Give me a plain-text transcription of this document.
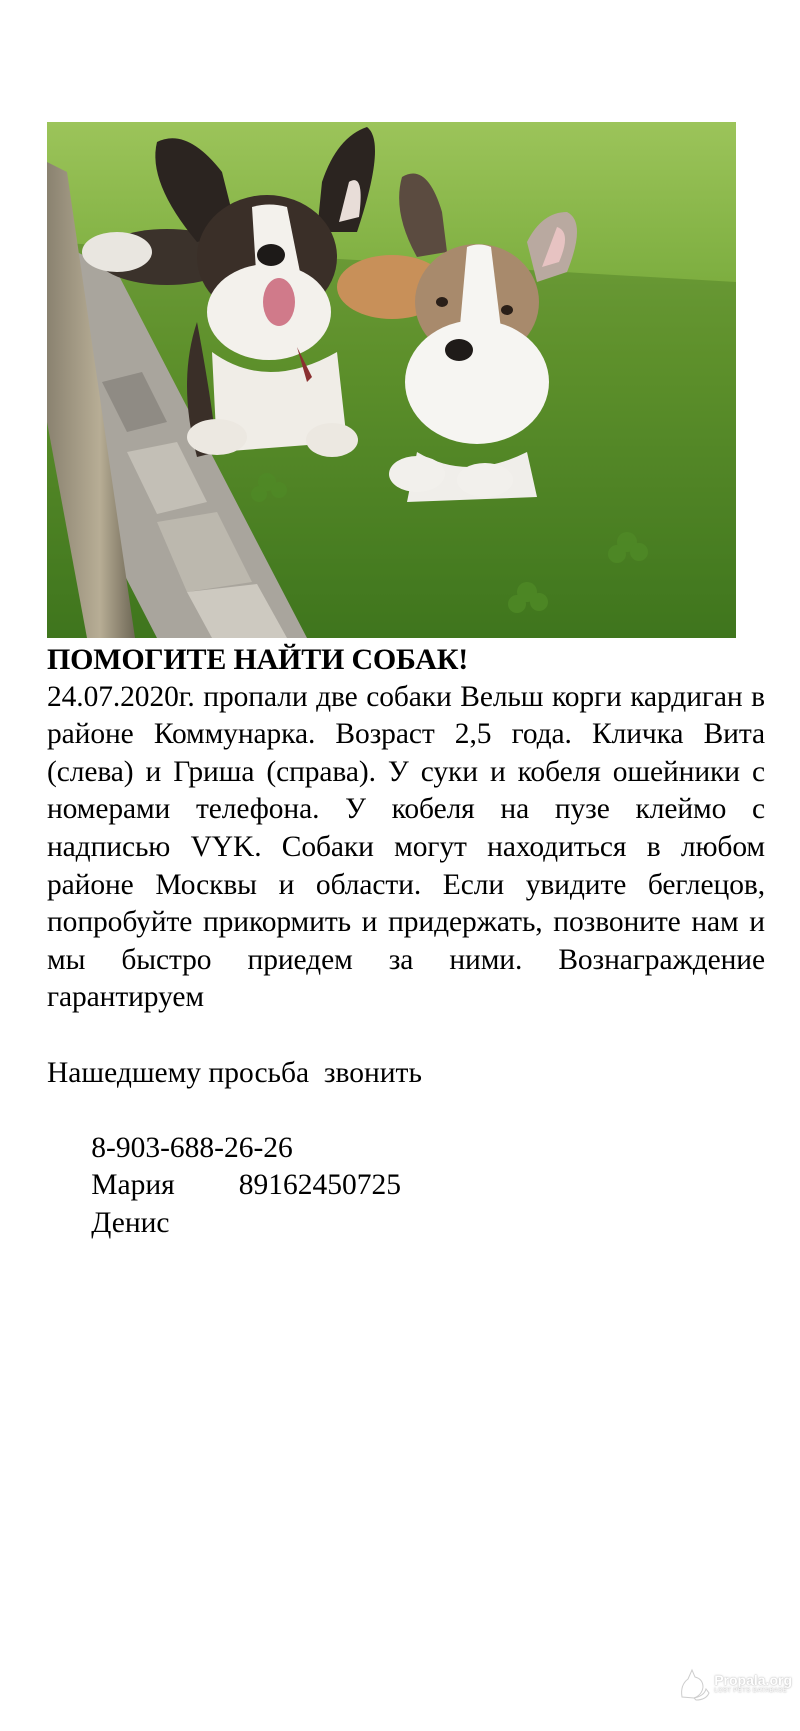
ПОМОГИТЕ НАЙТИ СОБАК!

24.07.2020г. пропали две собаки Вельш корги кардиган в районе Коммунарка. Возраст 2,5 года. Кличка Вита (слева) и Гриша (справа). У суки и кобеля ошейники с номерами телефона. У кобеля на пузе клеймо с надписью VYK. Собаки могут находиться в любом районе Москвы и области. Если увидите беглецов, попробуйте прикормить и придержать, позвоните нам и мы быстро приедем за ними. Вознаграждение гарантируем

Нашедшему просьба  звонить

8-903-688-26-26
Мария 89162450725
Денис

Propala.org
LOST PETS DATABASE
